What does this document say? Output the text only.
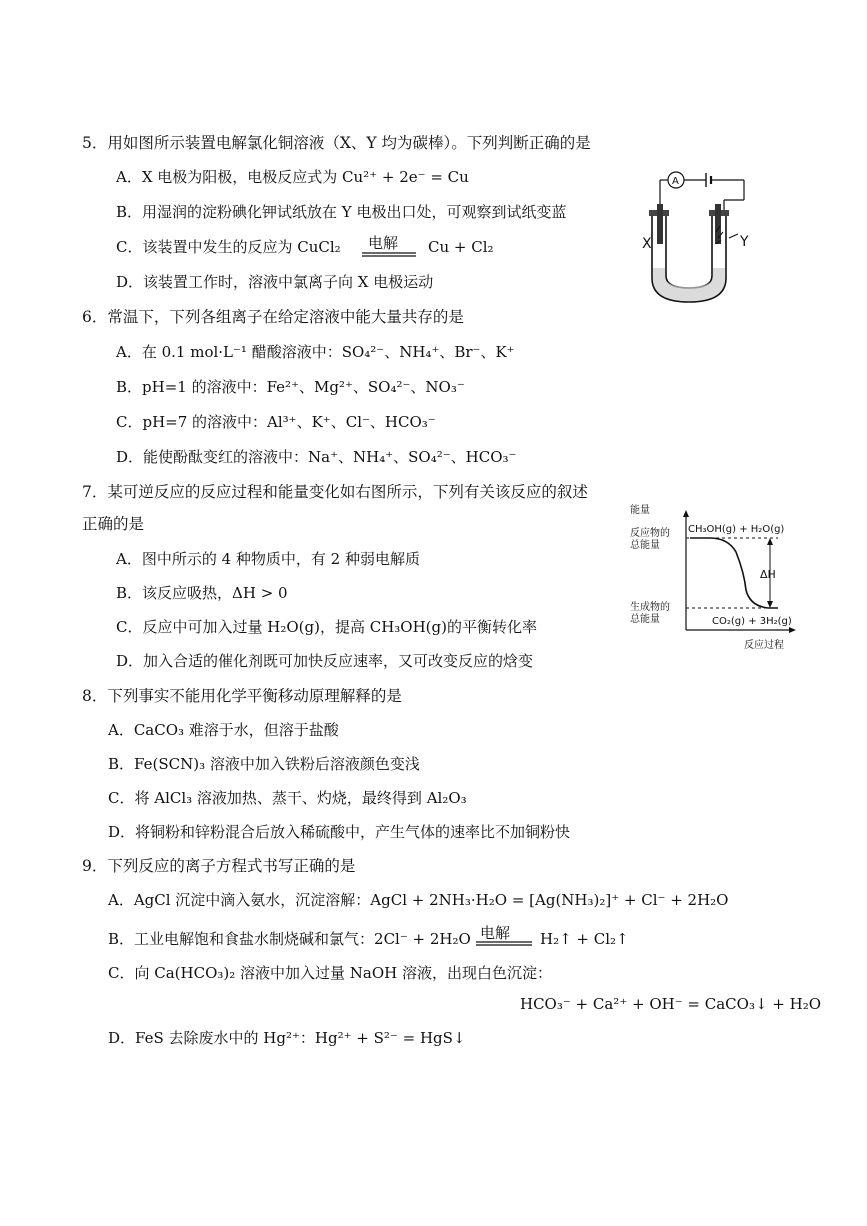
5．用如图所示装置电解氯化铜溶液（X、Y 均为碳棒）。下列判断正确的是
A．X 电极为阳极，电极反应式为 Cu²⁺ + 2e⁻ = Cu
B．用湿润的淀粉碘化钾试纸放在 Y 电极出口处，可观察到试纸变蓝
C．该装置中发生的反应为 CuCl₂ 电解 Cu + Cl₂
D．该装置工作时，溶液中氯离子向 X 电极运动
X	Y
A
6．常温下，下列各组离子在给定溶液中能大量共存的是
A．在 0.1 mol·L⁻¹ 醋酸溶液中：SO₄²⁻、NH₄⁺、Br⁻、K⁺
B．pH=1 的溶液中：Fe²⁺、Mg²⁺、SO₄²⁻、NO₃⁻
C．pH=7 的溶液中：Al³⁺、K⁺、Cl⁻、HCO₃⁻
D．能使酚酞变红的溶液中：Na⁺、NH₄⁺、SO₄²⁻、HCO₃⁻
7．某可逆反应的反应过程和能量变化如右图所示，下列有关该反应的叙述
正确的是
A．图中所示的 4 种物质中，有 2 种弱电解质
B．该反应吸热，ΔH > 0
C．反应中可加入过量 H₂O(g)，提高 CH₃OH(g)的平衡转化率
D．加入合适的催化剂既可加快反应速率，又可改变反应的焓变
能量
反应物的
总能量
生成物的
总能量
CH₃OH(g) + H₂O(g)
CO₂(g) + 3H₂(g)
ΔH
反应过程
8．下列事实不能用化学平衡移动原理解释的是
A．CaCO₃ 难溶于水，但溶于盐酸
B．Fe(SCN)₃ 溶液中加入铁粉后溶液颜色变浅
C．将 AlCl₃ 溶液加热、蒸干、灼烧，最终得到 Al₂O₃
D．将铜粉和锌粉混合后放入稀硫酸中，产生气体的速率比不加铜粉快
9．下列反应的离子方程式书写正确的是
A．AgCl 沉淀中滴入氨水，沉淀溶解：AgCl + 2NH₃·H₂O = [Ag(NH₃)₂]⁺ + Cl⁻ + 2H₂O
B．工业电解饱和食盐水制烧碱和氯气：2Cl⁻ + 2H₂O 电解 H₂↑ + Cl₂↑
C．向 Ca(HCO₃)₂ 溶液中加入过量 NaOH 溶液，出现白色沉淀：
HCO₃⁻ + Ca²⁺ + OH⁻ = CaCO₃↓ + H₂O
D．FeS 去除废水中的 Hg²⁺：Hg²⁺ + S²⁻ = HgS↓
